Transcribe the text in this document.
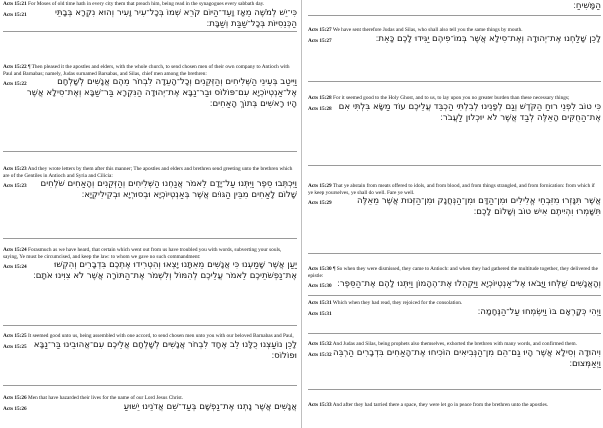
Acts 15:21 For Moses of old time hath in every city them that preach him, being read in the synagogues every sabbath day.

Acts 15:21	כִּי־יֵשׁ לְמֹשֶׁה מֵאָז וָעֵד־הַיּוֹם קֹרֵא שְׁמוֹ בְּכָל־עִיר וָעִיר וְהוּא נִקְרָא בְּבָתֵּי הַכְּנֵסִיּוֹת בְּכָל־שַׁבַּת וְשַׁבָּת׃

Acts 15:22 ¶ Then pleased it the apostles and elders, with the whole church, to send chosen men of their own company to Antioch with Paul and Barnabas; namely, Judas surnamed Barsabas, and Silas, chief men among the brethren:

Acts 15:22	וַיִּיטַב בְּעֵינֵי הַשְּׁלִיחִים וְהַזְּקֵנִים וְכָל־הָעֵדָה לִבְחֹר מֵהֶם אֲנָשִׁים לְשָׁלְחָם אֶל־אַנְטְיוֹכְיָא עִם־פּוֹלוֹס וּבַר־נַבָּא אֶת־יְהוּדָה הַנִּקְרָא בַּר־שַׁבָּא וְאֶת־סִילָא אֲשֶׁר הָיוּ רָאשִׁים בְּתוֹךְ הָאַחִים׃

Acts 15:23 And they wrote letters by them after this manner; The apostles and elders and brethren send greeting unto the brethren which are of the Gentiles in Antioch and Syria and Cilicia:

Acts 15:23 וַיִּכְתְּבוּ סֵפֶר וַיִּתְּנוּ עַל־יָדָם לֵאמֹר אֲנַחְנוּ הַשְּׁלִיחִים וְהַזְּקֵנִים וְהָאַחִים שֹׁלְחִים שָׁלוֹם לָאַחִים מִבֵּין הַגּוֹיִם אֲשֶׁר בְּאַנְטְיוֹכְיָא וּבְסוּרְיָא וּבְקִילִיקְיָא׃

Acts 15:24 Forasmuch as we have heard, that certain which went out from us have troubled you with words, subverting your souls, saying, Ye must be circumcised, and keep the law: to whom we gave no such commandment:

Acts 15:24	יַעַן אֲשֶׁר שָׁמַעְנוּ כִּי אֲנָשִׁים מֵאִתָּנוּ יָצְאוּ וְהִטְרִידוּ אֶתְכֶם בִּדְבָרִים וְהִקְשׁוּ אֶת־נַפְשֹׁתֵיכֶם לֵאמֹר עֲלֵיכֶם לְהִמּוֹל וְלִשְׁמֹר אֶת־הַתּוֹרָה אֲשֶׁר לֹא צִוִּינוּ אֹתָם׃

Acts 15:25 It seemed good unto us, being assembled with one accord, to send chosen men unto you with our beloved Barnabas and Paul,

Acts 15:25 לָכֵן נוֹעַצְנוּ כֻלָּנוּ לֵב אֶחָד לִבְחֹר אֲנָשִׁים לְשָׁלְחָם אֲלֵיכֶם עִם־אֲהוּבֵינוּ בַּר־נַבָּא וּפוֹלוֹס׃

Acts 15:26 Men that have hazarded their lives for the name of our Lord Jesus Christ.

Acts 15:26	אֲנָשִׁים אֲשֶׁר נָתְנוּ אֶת־נַפְשָׁם בְּעַד־שֵׁם אֲדֹנֵינוּ יֵשׁוּעַ

הַמָּשִׁיחַ׃

Acts 15:27 We have sent therefore Judas and Silas, who shall also tell you the same things by mouth.

Acts 15:27	לָכֵן שָׁלַחְנוּ אֶת־יְהוּדָה וְאֶת־סִילָא אֲשֶׁר בְּמוֹ־פִיהֶם יַגִּידוּ לָכֶם כָּאֵת׃

Acts 15:28 For it seemed good to the Holy Ghost, and to us, to lay upon you no greater burden than these necessary things;

Acts 15:28 כִּי טוֹב לִפְנֵי רוּחַ הַקֹּדֶשׁ וְגַם לְפָנֵינוּ לְבִלְתִּי הַכְבֵּד עֲלֵיכֶם עוֹד מַשָּׂא בִּלְתִּי אִם אֶת־הַחֻקִּים הָאֵלֶּה לְבַד אֲשֶׁר לֹא יוּכְלוּן לַעֲבֹר׃

Acts 15:29 That ye abstain from meats offered to idols, and from blood, and from things strangled, and from fornication: from which if ye keep yourselves, ye shall do well. Fare ye well.

Acts 15:29	אֲשֶׁר תִּנָּזְרוּ מִזִּבְחֵי אֱלִילִים וּמִן־הַדָּם וּמִן־הַנְּחֲנָק וּמִן־הַזְּנוּת אֲשֶׁר מֵאֵלֶּה תִּשָּׁמְרוּ וִהְיִיתֶם אִישׁ טוֹב וְשָׁלוֹם לָכֶם׃

Acts 15:30 ¶ So when they were dismissed, they came to Antioch: and when they had gathered the multitude together, they delivered the epistle:

Acts 15:30 וְהָאֲנָשִׁים שֻׁלְּחוּ וַיָּבֹאוּ אֶל־אַנְטְיוֹכְיָא וַיַּקְהִלוּ אֶת־הֶהָמוֹן וַיִּתְּנוּ לָהֶם אֶת־הַסֵּפֶר׃

Acts 15:31 Which when they had read, they rejoiced for the consolation.

Acts 15:31	וַיְהִי כְּקָרְאָם בּוֹ וַיִּשְׂמְחוּ עַל־הַנֶּחָמָה׃

Acts 15:32 And Judas and Silas, being prophets also themselves, exhorted the brethren with many words, and confirmed them.

Acts 15:32 וִיהוּדָה וְסִילָא אֲשֶׁר הָיוּ גַם־הֵם מִן־הַנְּבִיאִים הוֹכִיחוּ אֶת־הָאַחִים בִּדְבָרִים הַרְבֵּה וַיְאַמְּצוּם׃

Acts 15:33 And after they had tarried there a space, they were let go in peace from the brethren unto the apostles.
